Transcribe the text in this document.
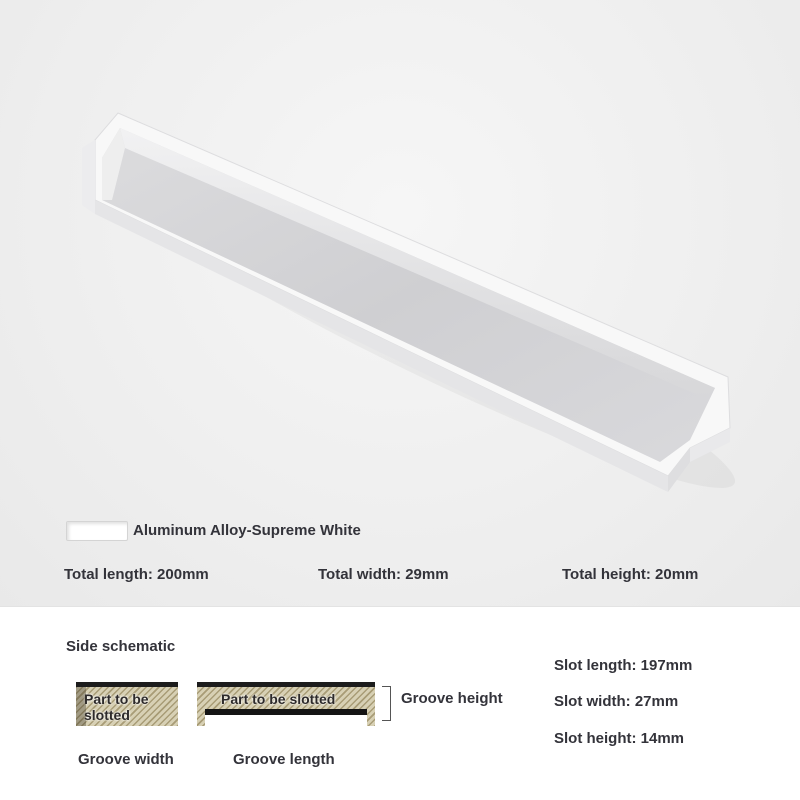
Aluminum Alloy-Supreme White
Total length: 200mm	Total width: 29mm	Total height: 20mm
Side schematic
Part to be slotted
Part to be slotted	Groove height
Groove width	Groove length
Slot length: 197mm
Slot width: 27mm
Slot height: 14mm
